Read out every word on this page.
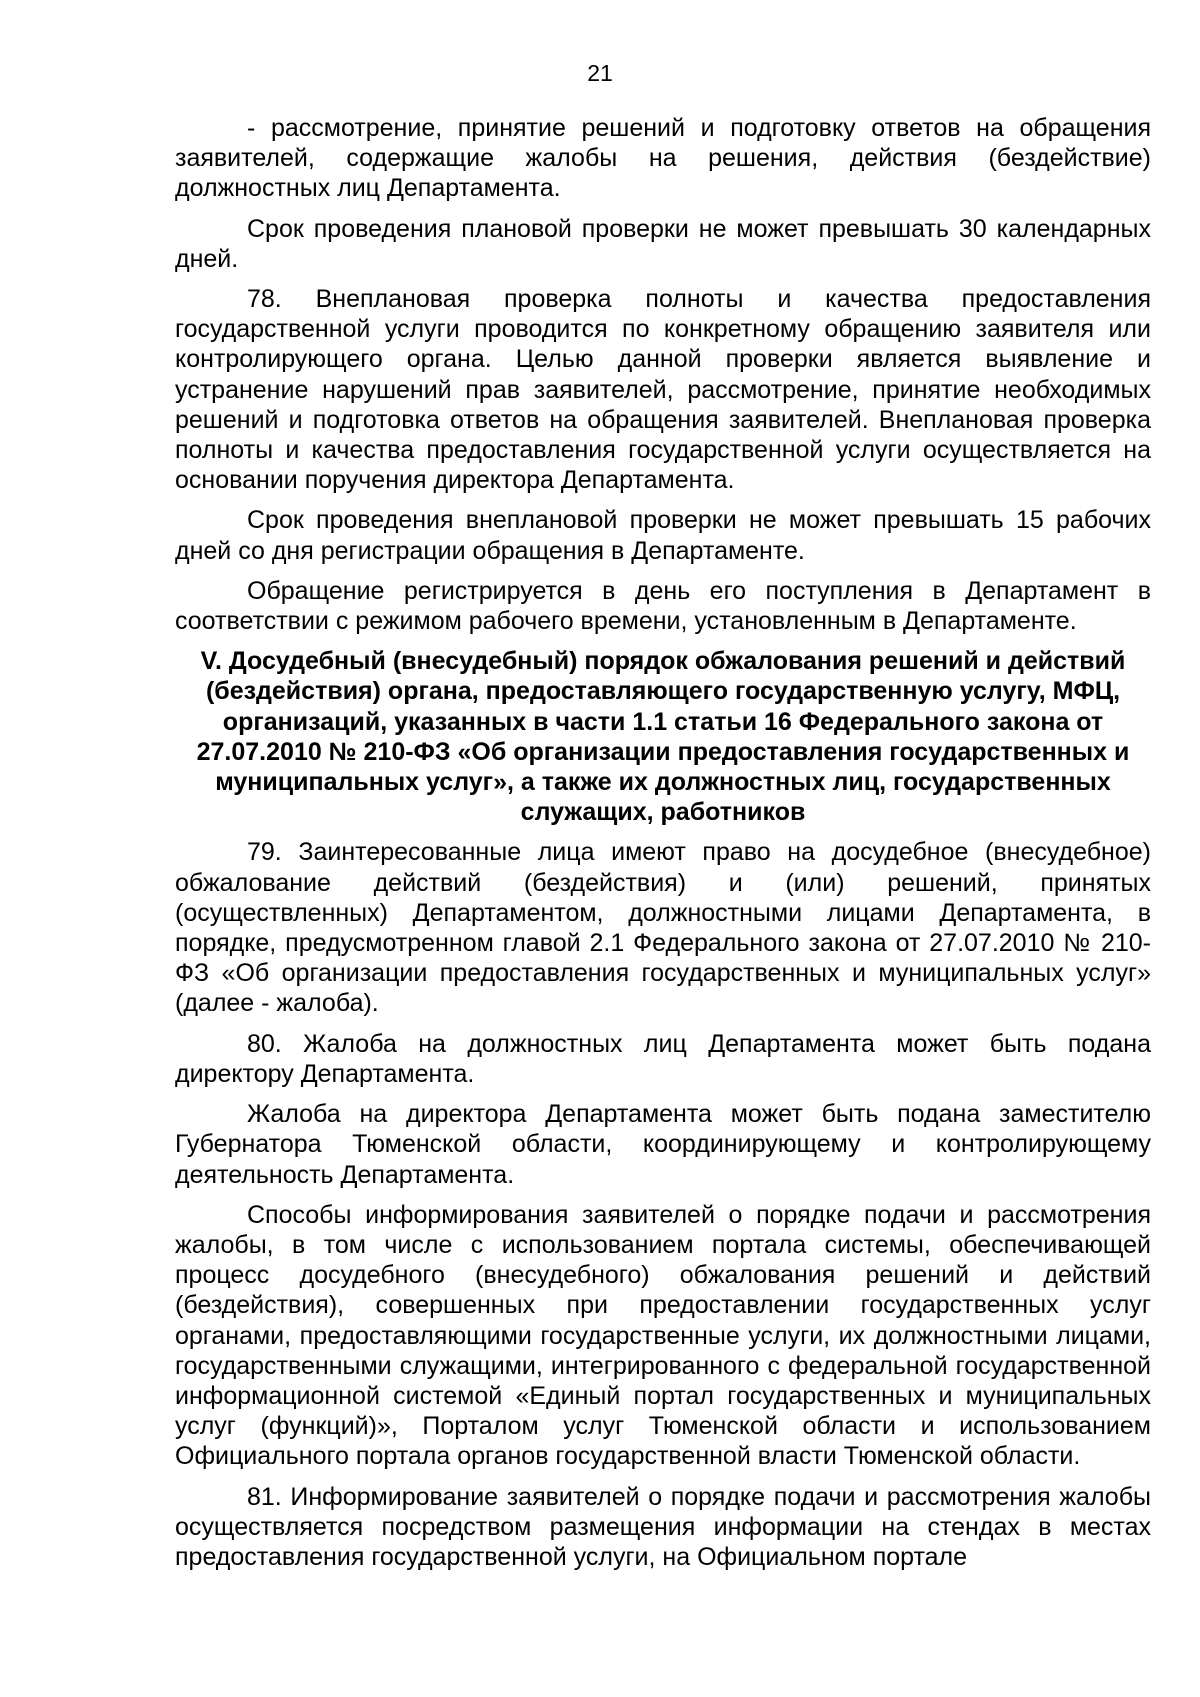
21

- рассмотрение, принятие решений и подготовку ответов на обращения заявителей, содержащие жалобы на решения, действия (бездействие) должностных лиц Департамента.

Срок проведения плановой проверки не может превышать 30 календарных дней.

78. Внеплановая проверка полноты и качества предоставления государственной услуги проводится по конкретному обращению заявителя или контролирующего органа. Целью данной проверки является выявление и устранение нарушений прав заявителей, рассмотрение, принятие необходимых решений и подготовка ответов на обращения заявителей. Внеплановая проверка полноты и качества предоставления государственной услуги осуществляется на основании поручения директора Департамента.

Срок проведения внеплановой проверки не может превышать 15 рабочих дней со дня регистрации обращения в Департаменте.

Обращение регистрируется в день его поступления в Департамент в соответствии с режимом рабочего времени, установленным в Департаменте.

V. Досудебный (внесудебный) порядок обжалования решений и действий (бездействия) органа, предоставляющего государственную услугу, МФЦ, организаций, указанных в части 1.1 статьи 16 Федерального закона от 27.07.2010 № 210-ФЗ «Об организации предоставления государственных и муниципальных услуг», а также их должностных лиц, государственных служащих, работников

79. Заинтересованные лица имеют право на досудебное (внесудебное) обжалование действий (бездействия) и (или) решений, принятых (осуществленных) Департаментом, должностными лицами Департамента, в порядке, предусмотренном главой 2.1 Федерального закона от 27.07.2010 № 210-ФЗ «Об организации предоставления государственных и муниципальных услуг» (далее - жалоба).

80. Жалоба на должностных лиц Департамента может быть подана директору Департамента.

Жалоба на директора Департамента может быть подана заместителю Губернатора Тюменской области, координирующему и контролирующему деятельность Департамента.

Способы информирования заявителей о порядке подачи и рассмотрения жалобы, в том числе с использованием портала системы, обеспечивающей процесс досудебного (внесудебного) обжалования решений и действий (бездействия), совершенных при предоставлении государственных услуг органами, предоставляющими государственные услуги, их должностными лицами, государственными служащими, интегрированного с федеральной государственной информационной системой «Единый портал государственных и муниципальных услуг (функций)», Порталом услуг Тюменской области и использованием Официального портала органов государственной власти Тюменской области.

81. Информирование заявителей о порядке подачи и рассмотрения жалобы осуществляется посредством размещения информации на стендах в местах предоставления государственной услуги, на Официальном портале
